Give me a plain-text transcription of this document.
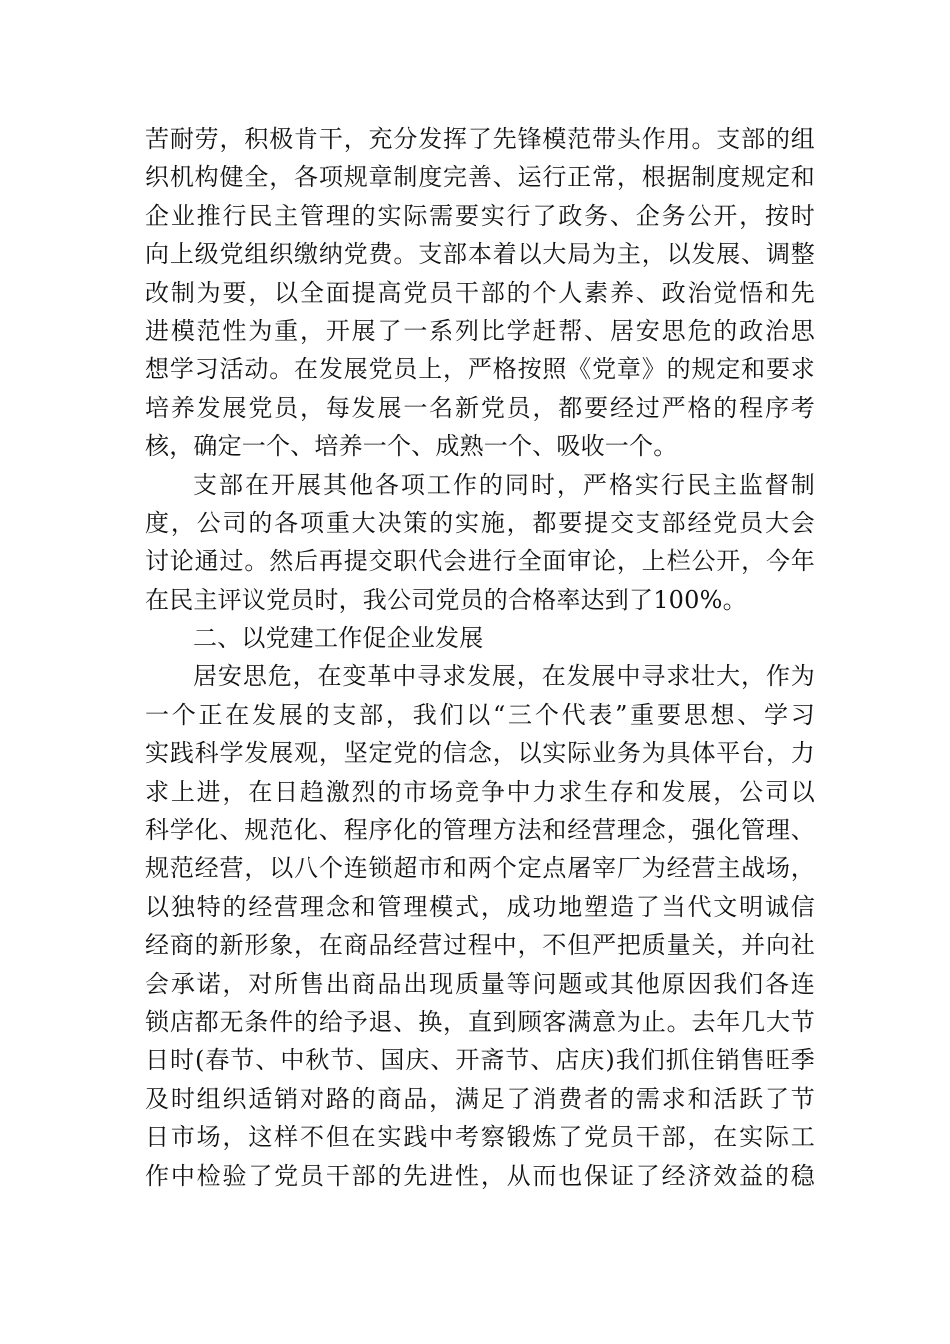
苦耐劳，积极肯干，充分发挥了先锋模范带头作用。支部的组
织机构健全，各项规章制度完善、运行正常，根据制度规定和
企业推行民主管理的实际需要实行了政务、企务公开，按时
向上级党组织缴纳党费。支部本着以大局为主，以发展、调整
改制为要，以全面提高党员干部的个人素养、政治觉悟和先
进模范性为重，开展了一系列比学赶帮、居安思危的政治思
想学习活动。在发展党员上，严格按照《党章》的规定和要求
培养发展党员，每发展一名新党员，都要经过严格的程序考
核，确定一个、培养一个、成熟一个、吸收一个。
支部在开展其他各项工作的同时，严格实行民主监督制
度，公司的各项重大决策的实施，都要提交支部经党员大会
讨论通过。然后再提交职代会进行全面审论，上栏公开，今年
在民主评议党员时，我公司党员的合格率达到了100%。
二、以党建工作促企业发展
居安思危，在变革中寻求发展，在发展中寻求壮大，作为
一个正在发展的支部，我们以“三个代表”重要思想、学习
实践科学发展观，坚定党的信念，以实际业务为具体平台，力
求上进，在日趋激烈的市场竞争中力求生存和发展，公司以
科学化、规范化、程序化的管理方法和经营理念，强化管理、
规范经营，以八个连锁超市和两个定点屠宰厂为经营主战场，
以独特的经营理念和管理模式，成功地塑造了当代文明诚信
经商的新形象，在商品经营过程中，不但严把质量关，并向社
会承诺，对所售出商品出现质量等问题或其他原因我们各连
锁店都无条件的给予退、换，直到顾客满意为止。去年几大节
日时(春节、中秋节、国庆、开斋节、店庆)我们抓住销售旺季
及时组织适销对路的商品，满足了消费者的需求和活跃了节
日市场，这样不但在实践中考察锻炼了党员干部，在实际工
作中检验了党员干部的先进性，从而也保证了经济效益的稳
